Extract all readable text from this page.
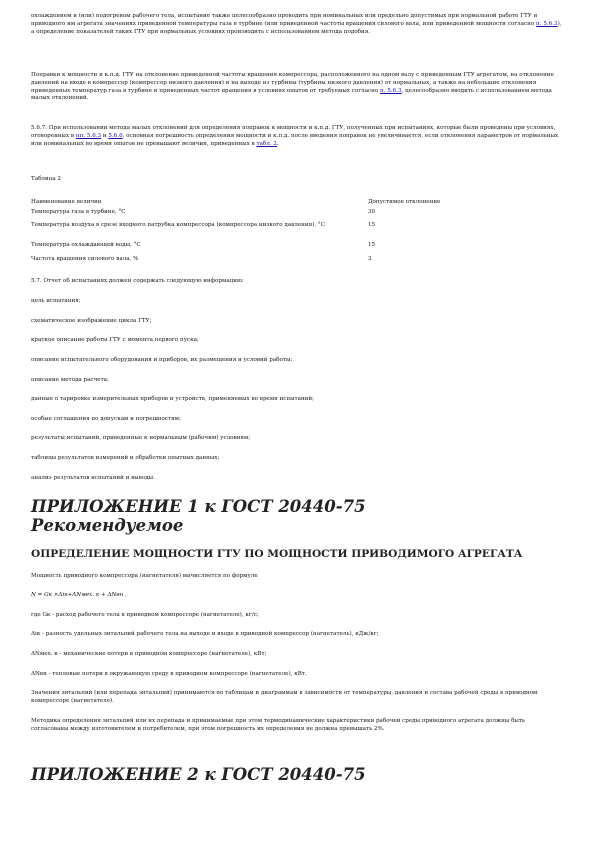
охлаждением и (или) подогревом рабочего тела, испытание также целесообразно проводить при номинальных или предельно допустимых при нормальной работе ГТУ и приводного им агрегата значениях приведенной температуры газа в турбине (или приведенной частоты вращения силового вала, или приведенной мощности согласно п. 5.6.3), а определение показателей таких ГТУ при нормальных условиях производить с использованием метода подобия.

Поправки к мощности и к.п.д. ГТУ на отклонение приведенной частоты вращения компрессора, расположенного на одном валу с приведенным ГТУ агрегатом, на отклонение давлений на входе в компрессор (компрессор низкого давления) и на выходе из турбины (турбины низкого давления) от нормальных, а также на небольшие отклонения приведенных температур газа в турбине и приведенных частот вращения в условиях опытов от требуемых согласно п. 5.6.3, целесообразно вводить с использованием метода малых отклонений.

5.6.7. При использовании метода малых отклонений для определения поправок к мощности и к.п.д. ГТУ, полученных при испытаниях, которые были проведены при условиях, оговоренных в пп. 5.6.3 и 5.6.6, основная погрешность определения мощности и к.п.д. после введения поправок не увеличивается, если отклонения параметров от нормальных или номинальных во время опытов не превышают величин, приведенных в табл. 2.

Таблица 2

Наименование величин	Допустимое отклонение
Температура газа в турбине, °С	30
Температура воздуха в срезе входного патрубка компрессора (компрессора низкого давления), °С	15
Температура охлаждающей воды, °С	15
Частота вращения силового вала, %	3

5.7. Отчет об испытаниях должен содержать следующую информацию:

цель испытания;

схематическое изображение цикла ГТУ;

краткое описание работы ГТУ с момента первого пуска;

описание испытательного оборудования и приборов, их размещения и условий работы;

описание метода расчета;

данные о тарировке измерительных приборов и устройств, применяемых во время испытаний;

особые соглашения по допускам и погрешностям;

результаты испытаний, приведенные к нормальным (рабочим) условиям;

таблицы результатов измерений и обработки опытных данных;

анализ результатов испытаний и выводы.

ПРИЛОЖЕНИЕ 1 к ГОСТ 20440-75
Рекомендуемое
ОПРЕДЕЛЕНИЕ МОЩНОСТИ ГТУ ПО МОЩНОСТИ ПРИВОДИМОГО АГРЕГАТА

Мощность приводного компрессора (нагнетателя) вычисляется по формуле

N = Gк ×Δiк+ΔNмех. к + ΔNвн ,

где Gк - расход рабочего тела в приводном компрессоре (нагнетателе), кг/с;

Δiк - разность удельных энтальпий рабочего тела на выходе и входе в приводной компрессор (нагнетатель), кДж/кг;

ΔNмех. к - механические потери в приводном компрессоре (нагнетателе), кВт;

ΔNвн - тепловые потери в окружающую среду в приводном компрессоре (нагнетателе), кВт.

Значения энтальпий (или перепада энтальпий) принимаются по таблицам и диаграммам в зависимости от температуры, давления и состава рабочей среды в приводном компрессоре (нагнетателе).

Методика определения энтальпий или их перепада и принимаемые при этом термодинамические характеристики рабочей среды приводного агрегата должны быть согласованы между изготовителем и потребителем, при этом погрешность их определения не должна превышать 2%.

ПРИЛОЖЕНИЕ 2 к ГОСТ 20440-75
